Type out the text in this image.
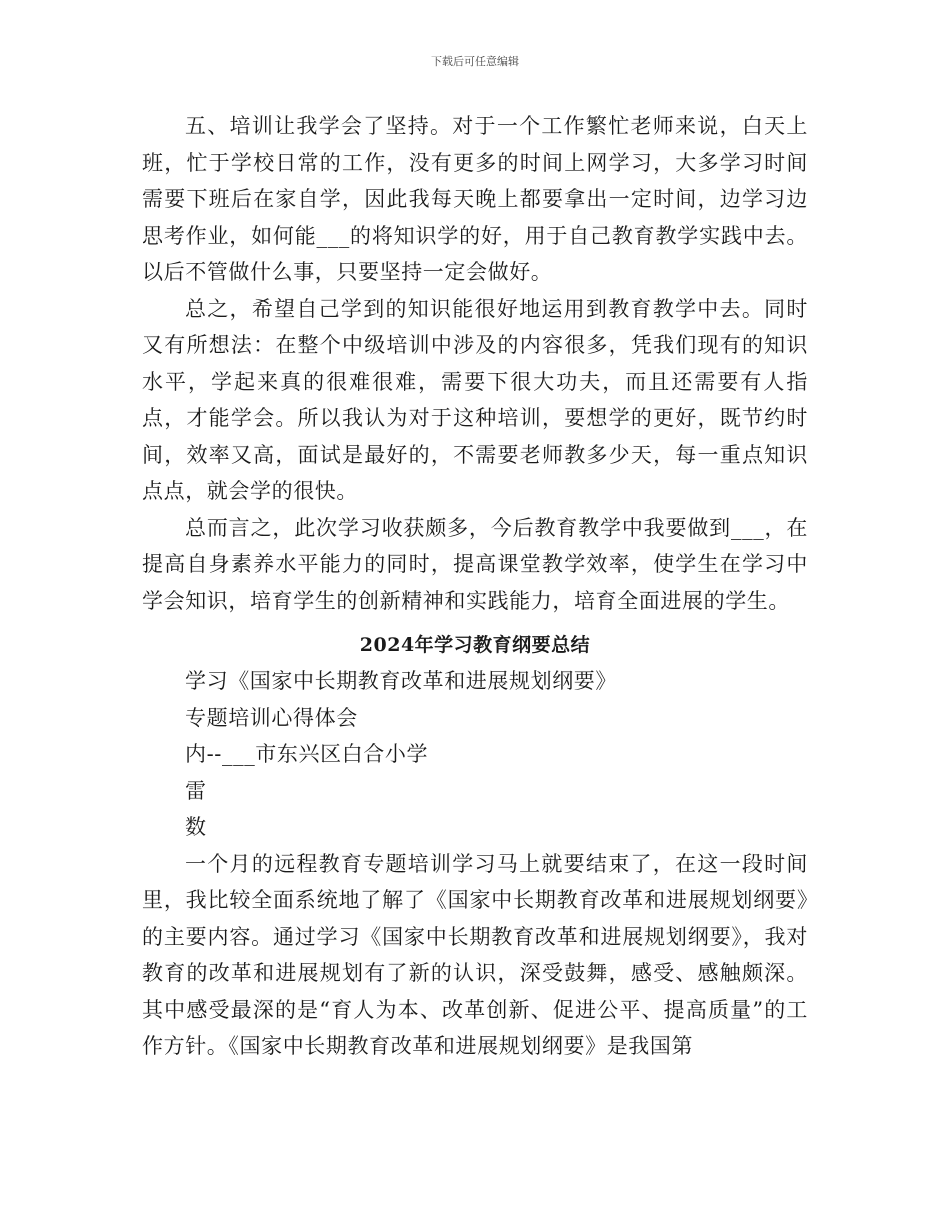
下载后可任意编辑

五、培训让我学会了坚持。对于一个工作繁忙老师来说，白天上班，忙于学校日常的工作，没有更多的时间上网学习，大多学习时间需要下班后在家自学，因此我每天晚上都要拿出一定时间，边学习边思考作业，如何能___的将知识学的好，用于自己教育教学实践中去。以后不管做什么事，只要坚持一定会做好。

总之，希望自己学到的知识能很好地运用到教育教学中去。同时又有所想法：在整个中级培训中涉及的内容很多，凭我们现有的知识水平，学起来真的很难很难，需要下很大功夫，而且还需要有人指点，才能学会。所以我认为对于这种培训，要想学的更好，既节约时间，效率又高，面试是最好的，不需要老师教多少天，每一重点知识点点，就会学的很快。

总而言之，此次学习收获颇多，今后教育教学中我要做到___，在提高自身素养水平能力的同时，提高课堂教学效率，使学生在学习中学会知识，培育学生的创新精神和实践能力，培育全面进展的学生。

2024年学习教育纲要总结

学习《国家中长期教育改革和进展规划纲要》

专题培训心得体会

内--___市东兴区白合小学

雷

数

一个月的远程教育专题培训学习马上就要结束了，在这一段时间里，我比较全面系统地了解了《国家中长期教育改革和进展规划纲要》的主要内容。通过学习《国家中长期教育改革和进展规划纲要》，我对教育的改革和进展规划有了新的认识，深受鼓舞，感受、感触颇深。其中感受最深的是“育人为本、改革创新、促进公平、提高质量”的工作方针。《国家中长期教育改革和进展规划纲要》是我国第
